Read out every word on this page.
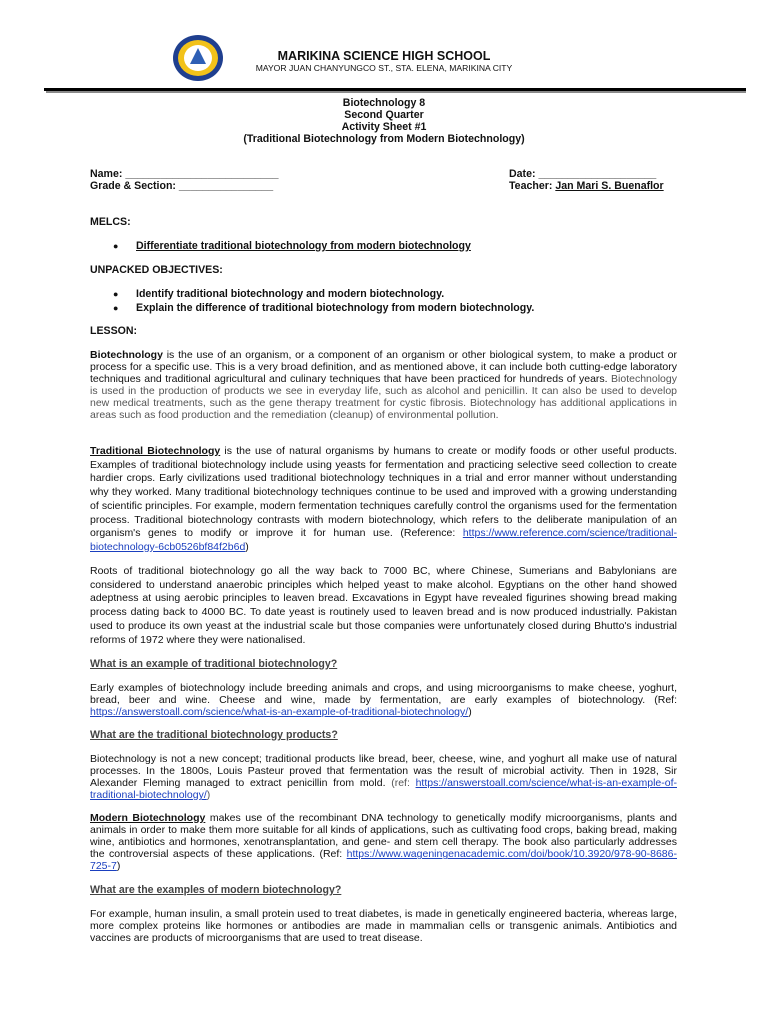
MARIKINA SCIENCE HIGH SCHOOL
MAYOR JUAN CHANYUNGCO ST., STA. ELENA, MARIKINA CITY
Biotechnology 8
Second Quarter
Activity Sheet #1
(Traditional Biotechnology from Modern Biotechnology)
Name: __________________________	Date: ____________________
Grade & Section: ________________	Teacher: Jan Mari S. Buenaflor
MELCS:
● Differentiate traditional biotechnology from modern biotechnology
UNPACKED OBJECTIVES:
● Identify traditional biotechnology and modern biotechnology.
● Explain the difference of traditional biotechnology from modern biotechnology.
LESSON:

Biotechnology is the use of an organism, or a component of an organism or other biological system, to make a product or process for a specific use. This is a very broad definition, and as mentioned above, it can include both cutting-edge laboratory techniques and traditional agricultural and culinary techniques that have been practiced for hundreds of years. Biotechnology is used in the production of products we see in everyday life, such as alcohol and penicillin. It can also be used to develop new medical treatments, such as the gene therapy treatment for cystic fibrosis. Biotechnology has additional applications in areas such as food production and the remediation (cleanup) of environmental pollution.

Traditional Biotechnology is the use of natural organisms by humans to create or modify foods or other useful products. Examples of traditional biotechnology include using yeasts for fermentation and practicing selective seed collection to create hardier crops. Early civilizations used traditional biotechnology techniques in a trial and error manner without understanding why they worked. Many traditional biotechnology techniques continue to be used and improved with a growing understanding of scientific principles. For example, modern fermentation techniques carefully control the organisms used for the fermentation process. Traditional biotechnology contrasts with modern biotechnology, which refers to the deliberate manipulation of an organism's genes to modify or improve it for human use. (Reference: https://www.reference.com/science/traditional-biotechnology-6cb0526bf84f2b6d)

Roots of traditional biotechnology go all the way back to 7000 BC, where Chinese, Sumerians and Babylonians are considered to understand anaerobic principles which helped yeast to make alcohol. Egyptians on the other hand showed adeptness at using aerobic principles to leaven bread. Excavations in Egypt have revealed figurines showing bread making process dating back to 4000 BC. To date yeast is routinely used to leaven bread and is now produced industrially. Pakistan used to produce its own yeast at the industrial scale but those companies were unfortunately closed during Bhutto's industrial reforms of 1972 where they were nationalised.

What is an example of traditional biotechnology?

Early examples of biotechnology include breeding animals and crops, and using microorganisms to make cheese, yoghurt, bread, beer and wine. Cheese and wine, made by fermentation, are early examples of biotechnology. (Ref: https://answerstoall.com/science/what-is-an-example-of-traditional-biotechnology/)

What are the traditional biotechnology products?

Biotechnology is not a new concept; traditional products like bread, beer, cheese, wine, and yoghurt all make use of natural processes. In the 1800s, Louis Pasteur proved that fermentation was the result of microbial activity. Then in 1928, Sir Alexander Fleming managed to extract penicillin from mold. (ref: https://answerstoall.com/science/what-is-an-example-of-traditional-biotechnology/)

Modern Biotechnology makes use of the recombinant DNA technology to genetically modify microorganisms, plants and animals in order to make them more suitable for all kinds of applications, such as cultivating food crops, baking bread, making wine, antibiotics and hormones, xenotransplantation, and gene- and stem cell therapy. The book also particularly addresses the controversial aspects of these applications. (Ref: https://www.wageningenacademic.com/doi/book/10.3920/978-90-8686-725-7)

What are the examples of modern biotechnology?

For example, human insulin, a small protein used to treat diabetes, is made in genetically engineered bacteria, whereas large, more complex proteins like hormones or antibodies are made in mammalian cells or transgenic animals. Antibiotics and vaccines are products of microorganisms that are used to treat disease.
